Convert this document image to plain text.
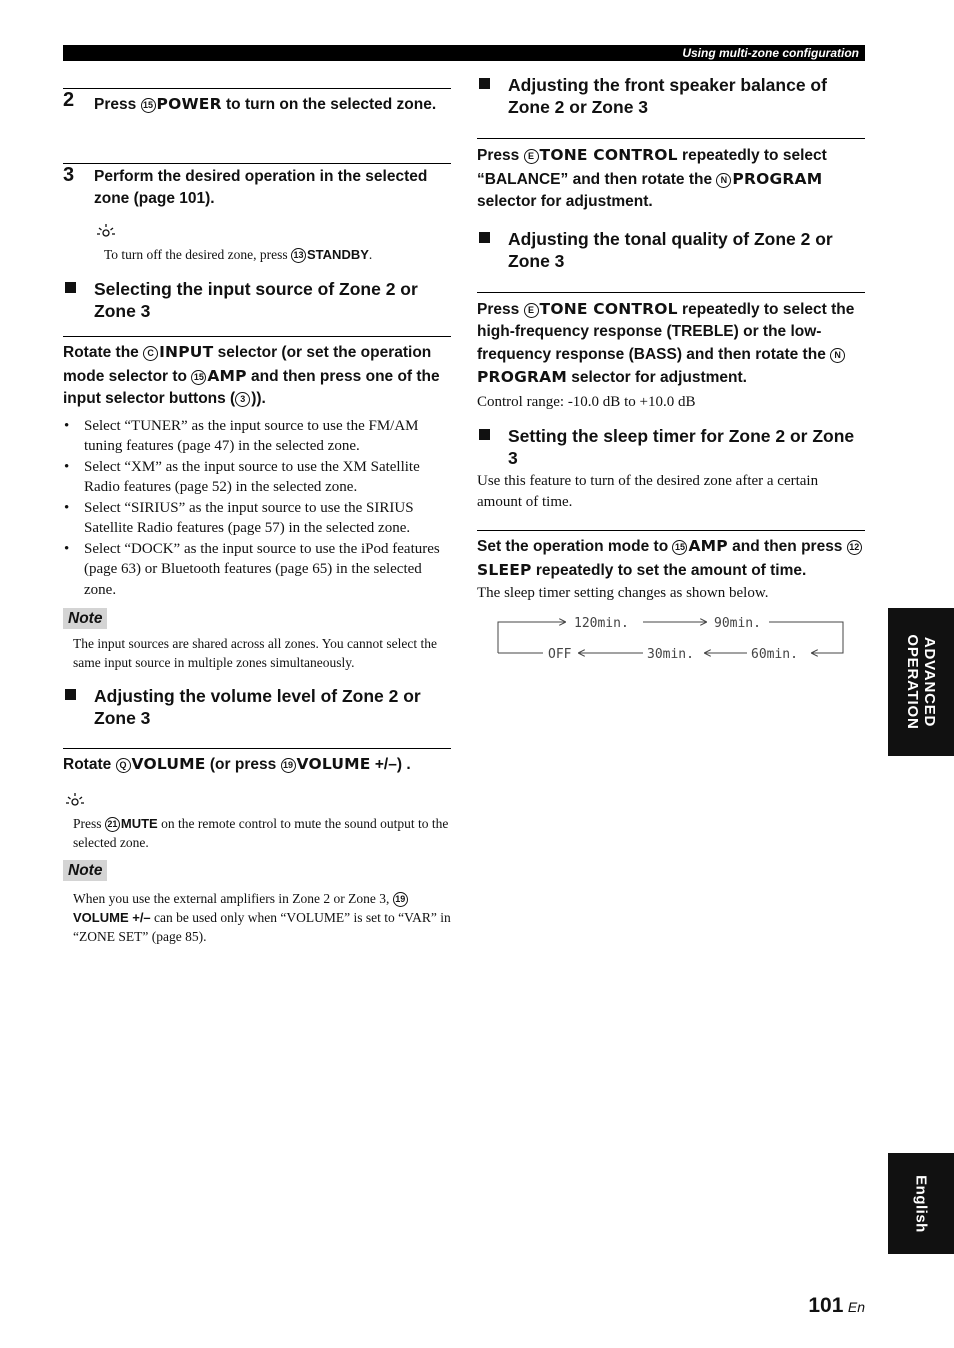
Using multi-zone configuration
2 Press 15 POWER to turn on the selected zone.
3 Perform the desired operation in the selected zone (page 101).
To turn off the desired zone, press 13 STANDBY.
Selecting the input source of Zone 2 or Zone 3
Rotate the C INPUT selector (or set the operation mode selector to 15 AMP and then press one of the input selector buttons ( 3 )).
• Select “TUNER” as the input source to use the FM/AM tuning features (page 47) in the selected zone.
• Select “XM” as the input source to use the XM Satellite Radio features (page 52) in the selected zone.
• Select “SIRIUS” as the input source to use the SIRIUS Satellite Radio features (page 57) in the selected zone.
• Select “DOCK” as the input source to use the iPod features (page 63) or Bluetooth features (page 65) in the selected zone.
Note
The input sources are shared across all zones. You cannot select the same input source in multiple zones simultaneously.
Adjusting the volume level of Zone 2 or Zone 3
Rotate Q VOLUME (or press 19 VOLUME +/–) .
Press 21 MUTE on the remote control to mute the sound output to the selected zone.
Note
When you use the external amplifiers in Zone 2 or Zone 3, 19VOLUME +/– can be used only when “VOLUME” is set to “VAR” in “ZONE SET” (page 85).
Adjusting the front speaker balance of Zone 2 or Zone 3
Press E TONE CONTROL repeatedly to select “BALANCE” and then rotate the N PROGRAM selector for adjustment.
Adjusting the tonal quality of Zone 2 or Zone 3
Press E TONE CONTROL repeatedly to select the high-frequency response (TREBLE) or the low-frequency response (BASS) and then rotate the NPROGRAM selector for adjustment.
Control range: -10.0 dB to +10.0 dB
Setting the sleep timer for Zone 2 or Zone 3
Use this feature to turn of the desired zone after a certain amount of time.
Set the operation mode to 15 AMP and then press 12SLEEP repeatedly to set the amount of time.
The sleep timer setting changes as shown below.
120min.	90min.
60min.
30min.
OFF	ADVANCED
OPERATION
English
101 En
